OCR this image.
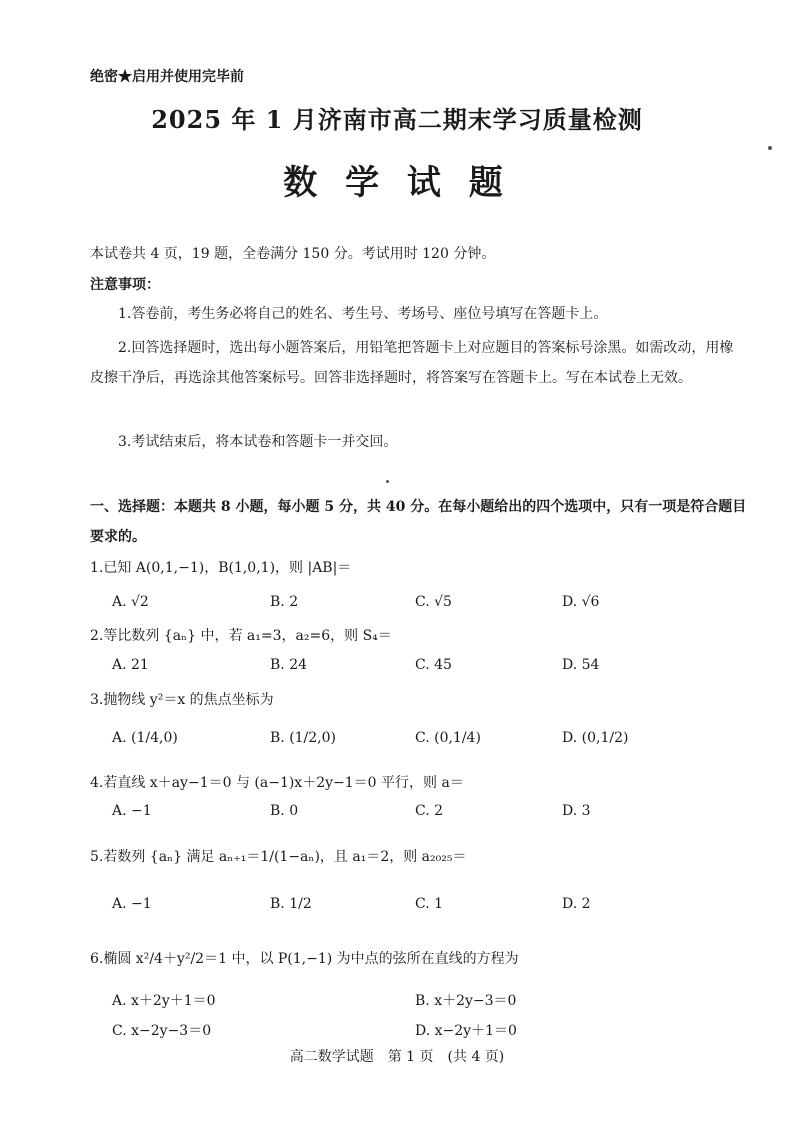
绝密★启用并使用完毕前
2025 年 1 月济南市高二期末学习质量检测
数 学 试 题
本试卷共 4 页，19 题，全卷满分 150 分。考试用时 120 分钟。
注意事项：
1.答卷前，考生务必将自己的姓名、考生号、考场号、座位号填写在答题卡上。
2.回答选择题时，选出每小题答案后，用铅笔把答题卡上对应题目的答案标号涂黑。如需改动，用橡皮擦干净后，再选涂其他答案标号。回答非选择题时，将答案写在答题卡上。写在本试卷上无效。
3.考试结束后，将本试卷和答题卡一并交回。
一、选择题：本题共 8 小题，每小题 5 分，共 40 分。在每小题给出的四个选项中，只有一项是符合题目要求的。
1.已知 A(0,1,−1)，B(1,0,1)，则 |AB|＝
A. √2	B. 2	C. √5	D. √6
2.等比数列 {aₙ} 中，若 a₁=3，a₂=6，则 S₄＝
A. 21	B. 24	C. 45	D. 54
3.抛物线 y²＝x 的焦点坐标为
A. (1/4,0)	B. (1/2,0)	C. (0,1/4)	D. (0,1/2)
4.若直线 x＋ay−1＝0 与 (a−1)x＋2y−1＝0 平行，则 a＝
A. −1	B. 0	C. 2	D. 3
5.若数列 {aₙ} 满足 aₙ₊₁＝1/(1−aₙ)，且 a₁＝2，则 a₂₀₂₅＝
A. −1	B. 1/2	C. 1	D. 2
6.椭圆 x²/4＋y²/2＝1 中，以 P(1,−1) 为中点的弦所在直线的方程为
A. x＋2y＋1＝0	B. x＋2y−3＝0
C. x−2y−3＝0	D. x−2y＋1＝0
高二数学试题　第 1 页　(共 4 页)
